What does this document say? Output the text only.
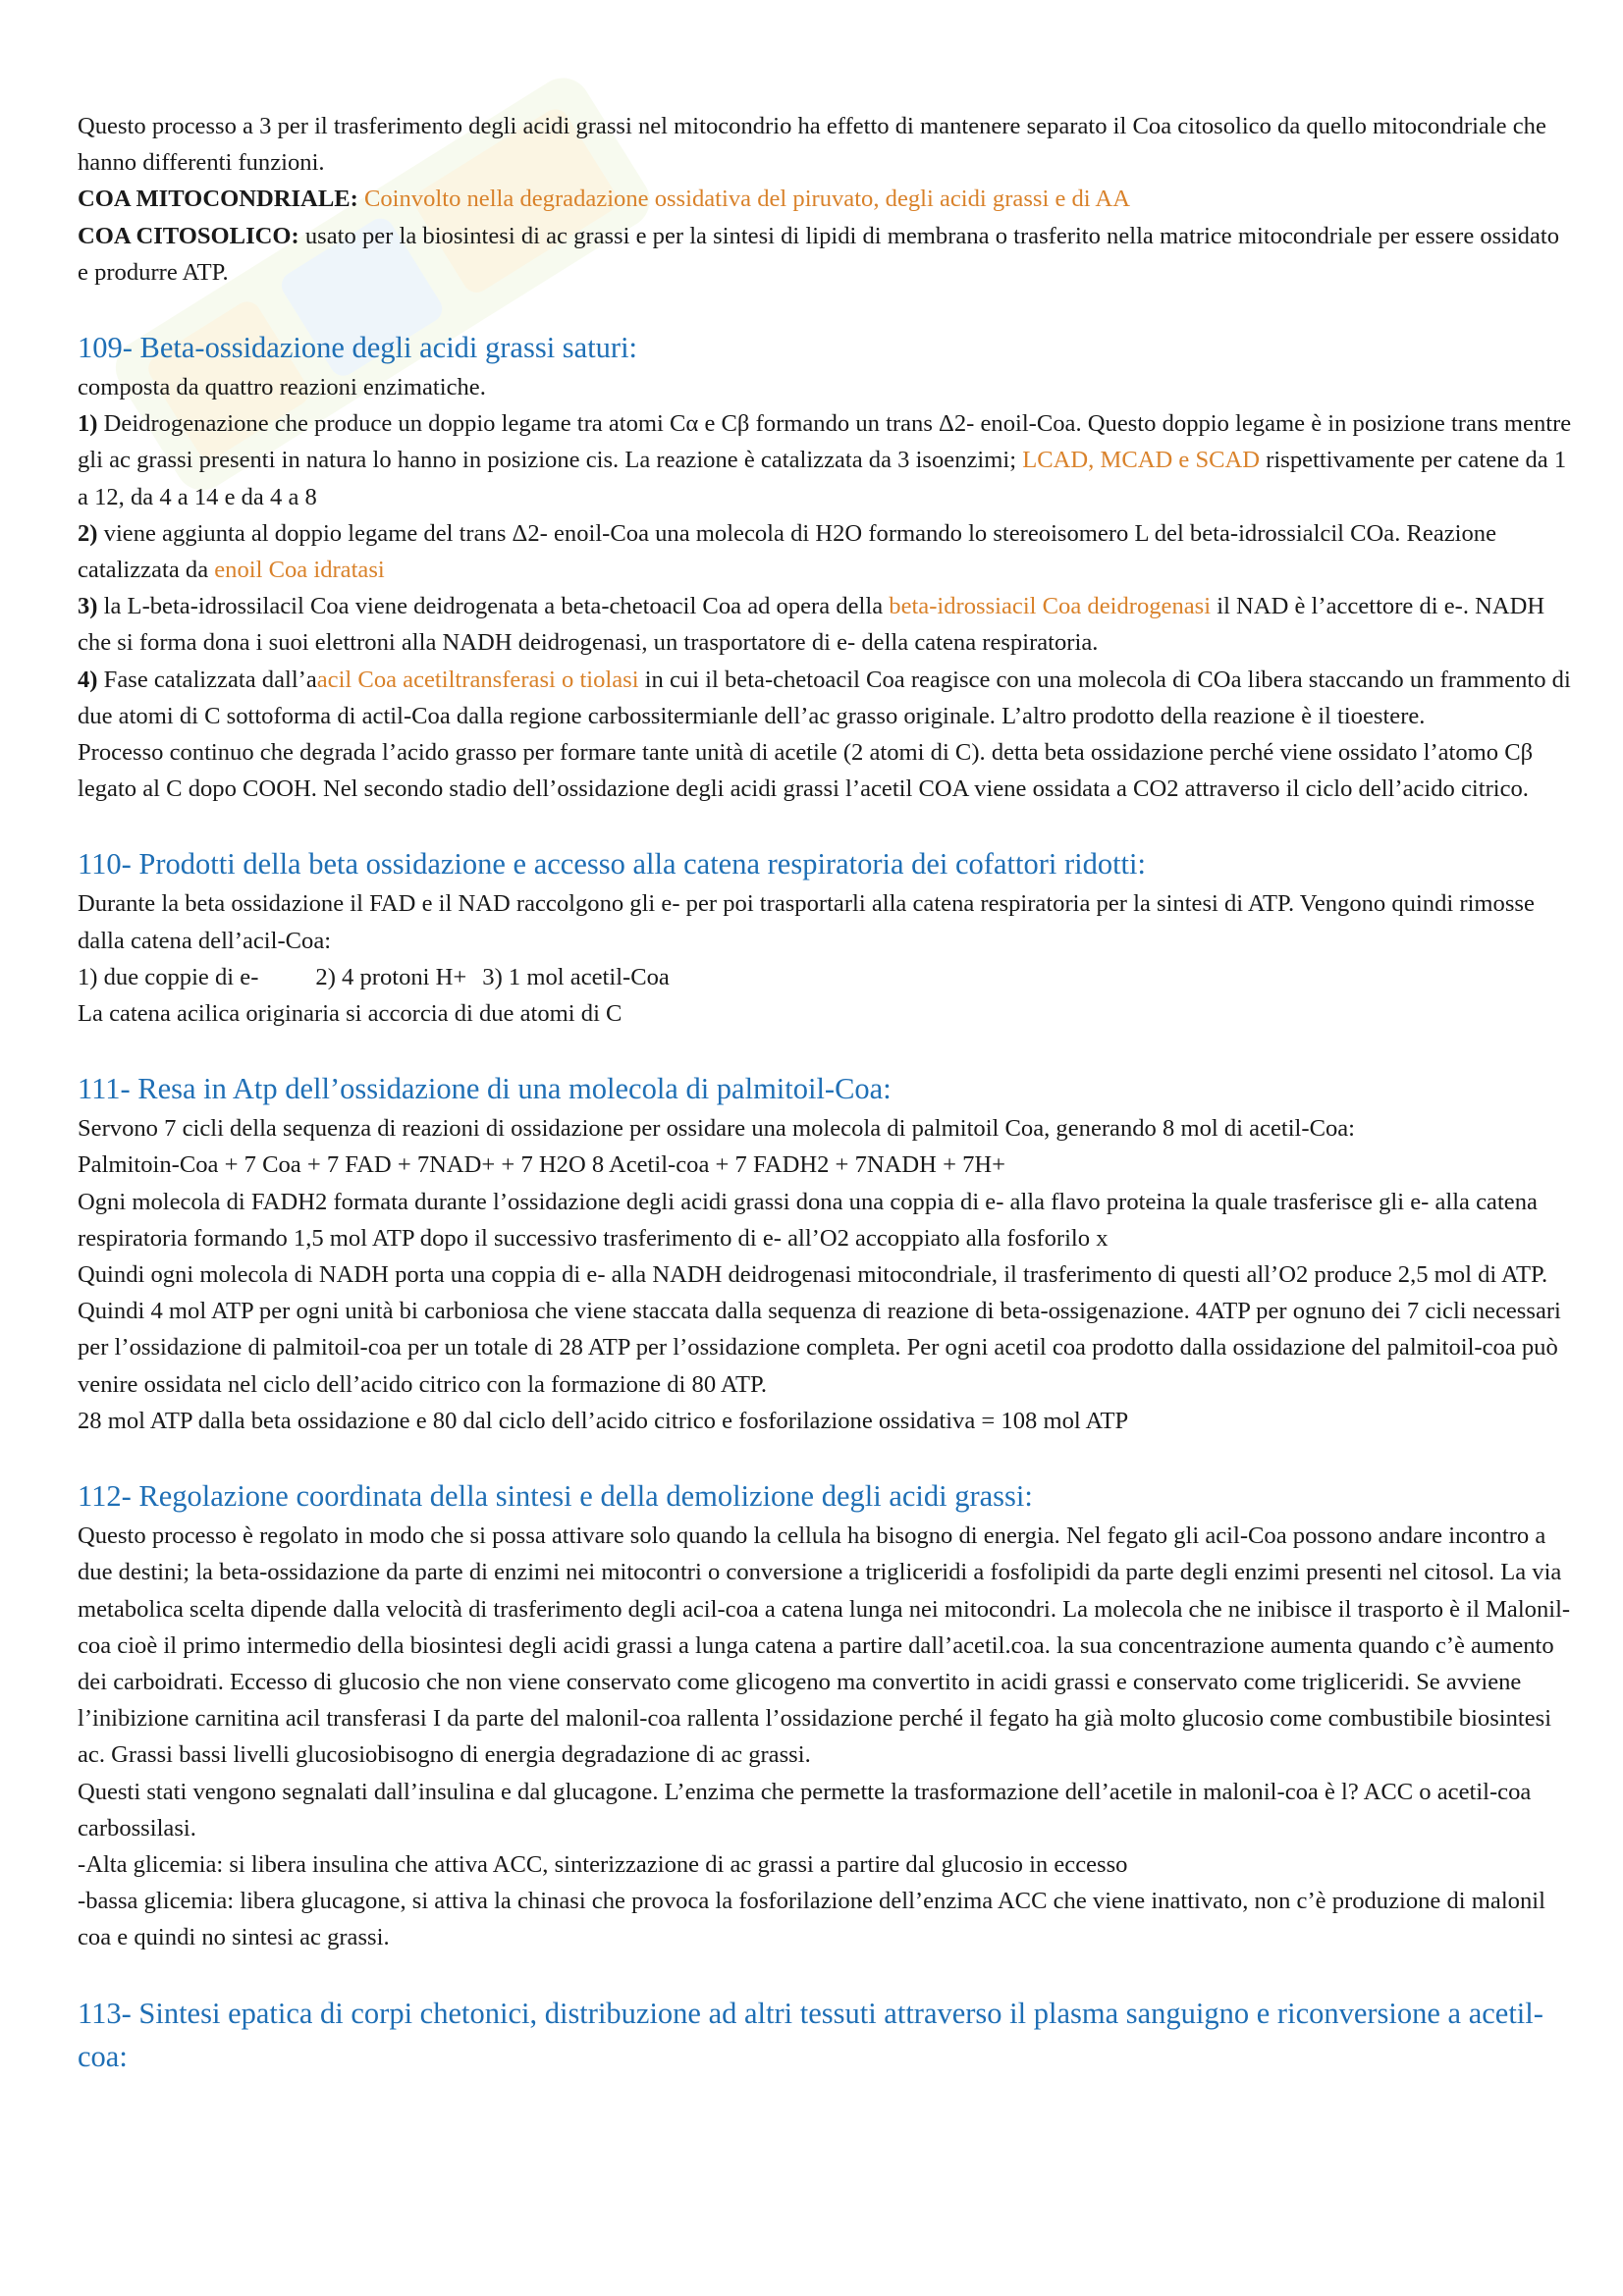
Questo processo a 3 per il trasferimento degli acidi grassi nel mitocondrio ha effetto di mantenere separato il Coa citosolico da quello mitocondriale che hanno differenti funzioni.

COA MITOCONDRIALE: Coinvolto nella degradazione ossidativa del piruvato, degli acidi grassi e di AA

COA CITOSOLICO: usato per la biosintesi di ac grassi e per la sintesi di lipidi di membrana o trasferito nella matrice mitocondriale per essere ossidato e produrre ATP.

109- Beta-ossidazione degli acidi grassi saturi:

composta da quattro reazioni enzimatiche.

1) Deidrogenazione che produce un doppio legame tra atomi Cα e Cβ formando un trans Δ2- enoil-Coa. Questo doppio legame è in posizione trans mentre gli ac grassi presenti in natura lo hanno in posizione cis. La reazione è catalizzata da 3 isoenzimi; LCAD, MCAD e SCAD rispettivamente per catene da 1 a 12, da 4 a 14 e da 4 a 8

2) viene aggiunta al doppio legame del trans Δ2- enoil-Coa una molecola di H2O formando lo stereoisomero L del beta-idrossialcil COa. Reazione catalizzata da enoil Coa idratasi

3) la L-beta-idrossilacil Coa viene deidrogenata a beta-chetoacil Coa ad opera della beta-idrossiacil Coa deidrogenasi il NAD è l’accettore di e-. NADH che si forma dona i suoi elettroni alla NADH deidrogenasi, un trasportatore di e- della catena respiratoria.

4) Fase catalizzata dall’aacil Coa acetiltransferasi o tiolasi in cui il beta-chetoacil Coa reagisce con una molecola di COa libera staccando un frammento di due atomi di C sottoforma di actil-Coa dalla regione carbossitermianle dell’ac grasso originale. L’altro prodotto della reazione è il tioestere.

Processo continuo che degrada l’acido grasso per formare tante unità di acetile (2 atomi di C). detta beta ossidazione perché viene ossidato l’atomo Cβ legato al C dopo COOH. Nel secondo stadio dell’ossidazione degli acidi grassi l’acetil COA viene ossidata a CO2 attraverso il ciclo dell’acido citrico.

110- Prodotti della beta ossidazione e accesso alla catena respiratoria dei cofattori ridotti:

Durante la beta ossidazione il FAD e il NAD raccolgono gli e- per poi trasportarli alla catena respiratoria per la sintesi di ATP. Vengono quindi rimosse dalla catena dell’acil-Coa:

1) due coppie di e- 2) 4 protoni H+ 3) 1 mol acetil-Coa

La catena acilica originaria si accorcia di due atomi di C

111- Resa in Atp dell’ossidazione di una molecola di palmitoil-Coa:

Servono 7 cicli della sequenza di reazioni di ossidazione per ossidare una molecola di palmitoil Coa, generando 8 mol di acetil-Coa:

Palmitoin-Coa + 7 Coa + 7 FAD + 7NAD+ + 7 H2O 8 Acetil-coa + 7 FADH2 + 7NADH + 7H+

Ogni molecola di FADH2 formata durante l’ossidazione degli acidi grassi dona una coppia di e- alla flavo proteina la quale trasferisce gli e- alla catena respiratoria formando 1,5 mol ATP dopo il successivo trasferimento di e- all’O2 accoppiato alla fosforilo x

Quindi ogni molecola di NADH porta una coppia di e- alla NADH deidrogenasi mitocondriale, il trasferimento di questi all’O2 produce 2,5 mol di ATP. Quindi 4 mol ATP per ogni unità bi carboniosa che viene staccata dalla sequenza di reazione di beta-ossigenazione. 4ATP per ognuno dei 7 cicli necessari per l’ossidazione di palmitoil-coa per un totale di 28 ATP per l’ossidazione completa. Per ogni acetil coa prodotto dalla ossidazione del palmitoil-coa può venire ossidata nel ciclo dell’acido citrico con la formazione di 80 ATP.

28 mol ATP dalla beta ossidazione e 80 dal ciclo dell’acido citrico e fosforilazione ossidativa = 108 mol ATP

112- Regolazione coordinata della sintesi e della demolizione degli acidi grassi:

Questo processo è regolato in modo che si possa attivare solo quando la cellula ha bisogno di energia. Nel fegato gli acil-Coa possono andare incontro a due destini; la beta-ossidazione da parte di enzimi nei mitocontri o conversione a trigliceridi a fosfolipidi da parte degli enzimi presenti nel citosol. La via metabolica scelta dipende dalla velocità di trasferimento degli acil-coa a catena lunga nei mitocondri. La molecola che ne inibisce il trasporto è il Malonil-coa cioè il primo intermedio della biosintesi degli acidi grassi a lunga catena a partire dall’acetil.coa. la sua concentrazione aumenta quando c’è aumento dei carboidrati. Eccesso di glucosio che non viene conservato come glicogeno ma convertito in acidi grassi e conservato come trigliceridi. Se avviene l’inibizione carnitina acil transferasi I da parte del malonil-coa rallenta l’ossidazione perché il fegato ha già molto glucosio come combustibile biosintesi ac. Grassi bassi livelli glucosiobisogno di energia degradazione di ac grassi.

Questi stati vengono segnalati dall’insulina e dal glucagone. L’enzima che permette la trasformazione dell’acetile in malonil-coa è l? ACC o acetil-coa carbossilasi.

-Alta glicemia: si libera insulina che attiva ACC, sinterizzazione di ac grassi a partire dal glucosio in eccesso

-bassa glicemia: libera glucagone, si attiva la chinasi che provoca la fosforilazione dell’enzima ACC che viene inattivato, non c’è produzione di malonil coa e quindi no sintesi ac grassi.

113- Sintesi epatica di corpi chetonici, distribuzione ad altri tessuti attraverso il plasma sanguigno e riconversione a acetil-coa:
